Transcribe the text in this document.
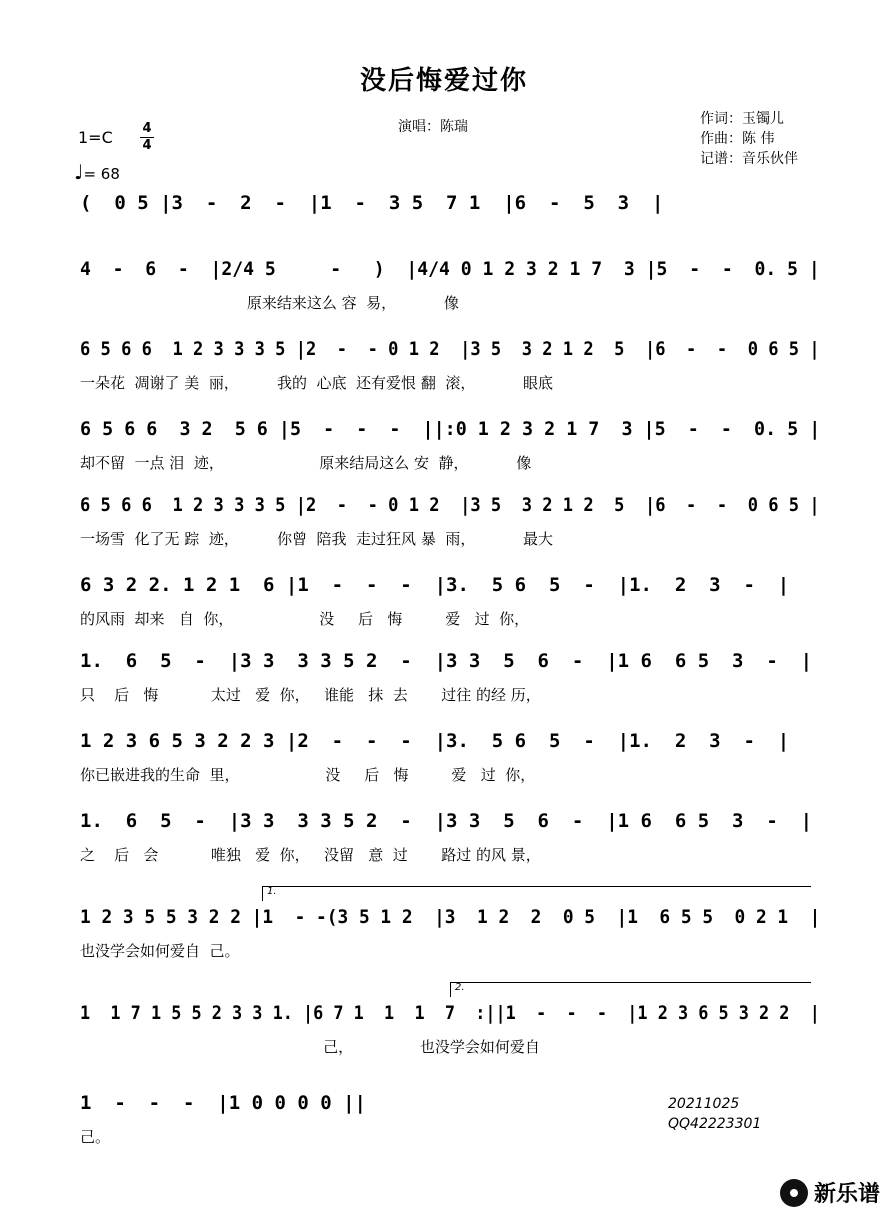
没后悔爱过你
演唱：陈瑞	作词：玉镯儿
作曲：陈 伟
记谱：音乐伙伴
1=C 4
4
♩= 68
(  0 5 |3  -  2  -  |1  -  3 5  7 1  |6  -  5  3  |
4  -  6  -  |2/4 5     -   )  |4/4 0 1 2 3 2 1 7  3 |5  -  -  0. 5 |
原来结来这么 容  易，          像
6 5 6 6  1 2 3 3 3 5 |2  -  - 0 1 2  |3 5  3 2 1 2  5  |6  -  -  0 6 5 |
一朵花  凋谢了 美  丽，        我的  心底  还有爱恨 翻  滚，          眼底
6 5 6 6  3 2  5 6 |5  -  -  -  ||:0 1 2 3 2 1 7  3 |5  -  -  0. 5 |
却不留  一点 泪  迹，                    原来结局这么 安  静，          像
6 5 6 6  1 2 3 3 3 5 |2  -  - 0 1 2  |3 5  3 2 1 2  5  |6  -  -  0 6 5 |
一场雪  化了无 踪  迹，        你曾  陪我  走过狂风 暴  雨，          最大
6 3 2 2. 1 2 1  6 |1  -  -  -  |3.  5 6  5  -  |1.  2  3  -  |
的风雨  却来   自  你，                  没     后   悔         爱   过  你，
1.  6  5  -  |3 3  3 3 5 2  -  |3 3  5  6  -  |1 6  6 5  3  -  |
只    后   悔           太过   爱  你，   谁能   抹  去       过往 的经 历，
1 2 3 6 5 3 2 2 3 |2  -  -  -  |3.  5 6  5  -  |1.  2  3  -  |
你已嵌进我的生命  里，                  没     后   悔         爱   过  你，
1.  6  5  -  |3 3  3 3 5 2  -  |3 3  5  6  -  |1 6  6 5  3  -  |
之    后   会           唯独   爱  你，   没留   意  过       路过 的风 景，
1 2 3 5 5 3 2 2 |1  - -(3 5 1 2  |3  1 2  2  0 5  |1  6 5 5  0 2 1  |
也没学会如何爱自  己。
1  1 7 1 5 5 2 3 3 1. |6 7 1  1  1  7  :||1  -  -  -  |1 2 3 6 5 3 2 2  |
己，              也没学会如何爱自
1  -  -  -  |1 0 0 0 0 ||
己。
1.
2.
20211025
QQ42223301
新乐谱
